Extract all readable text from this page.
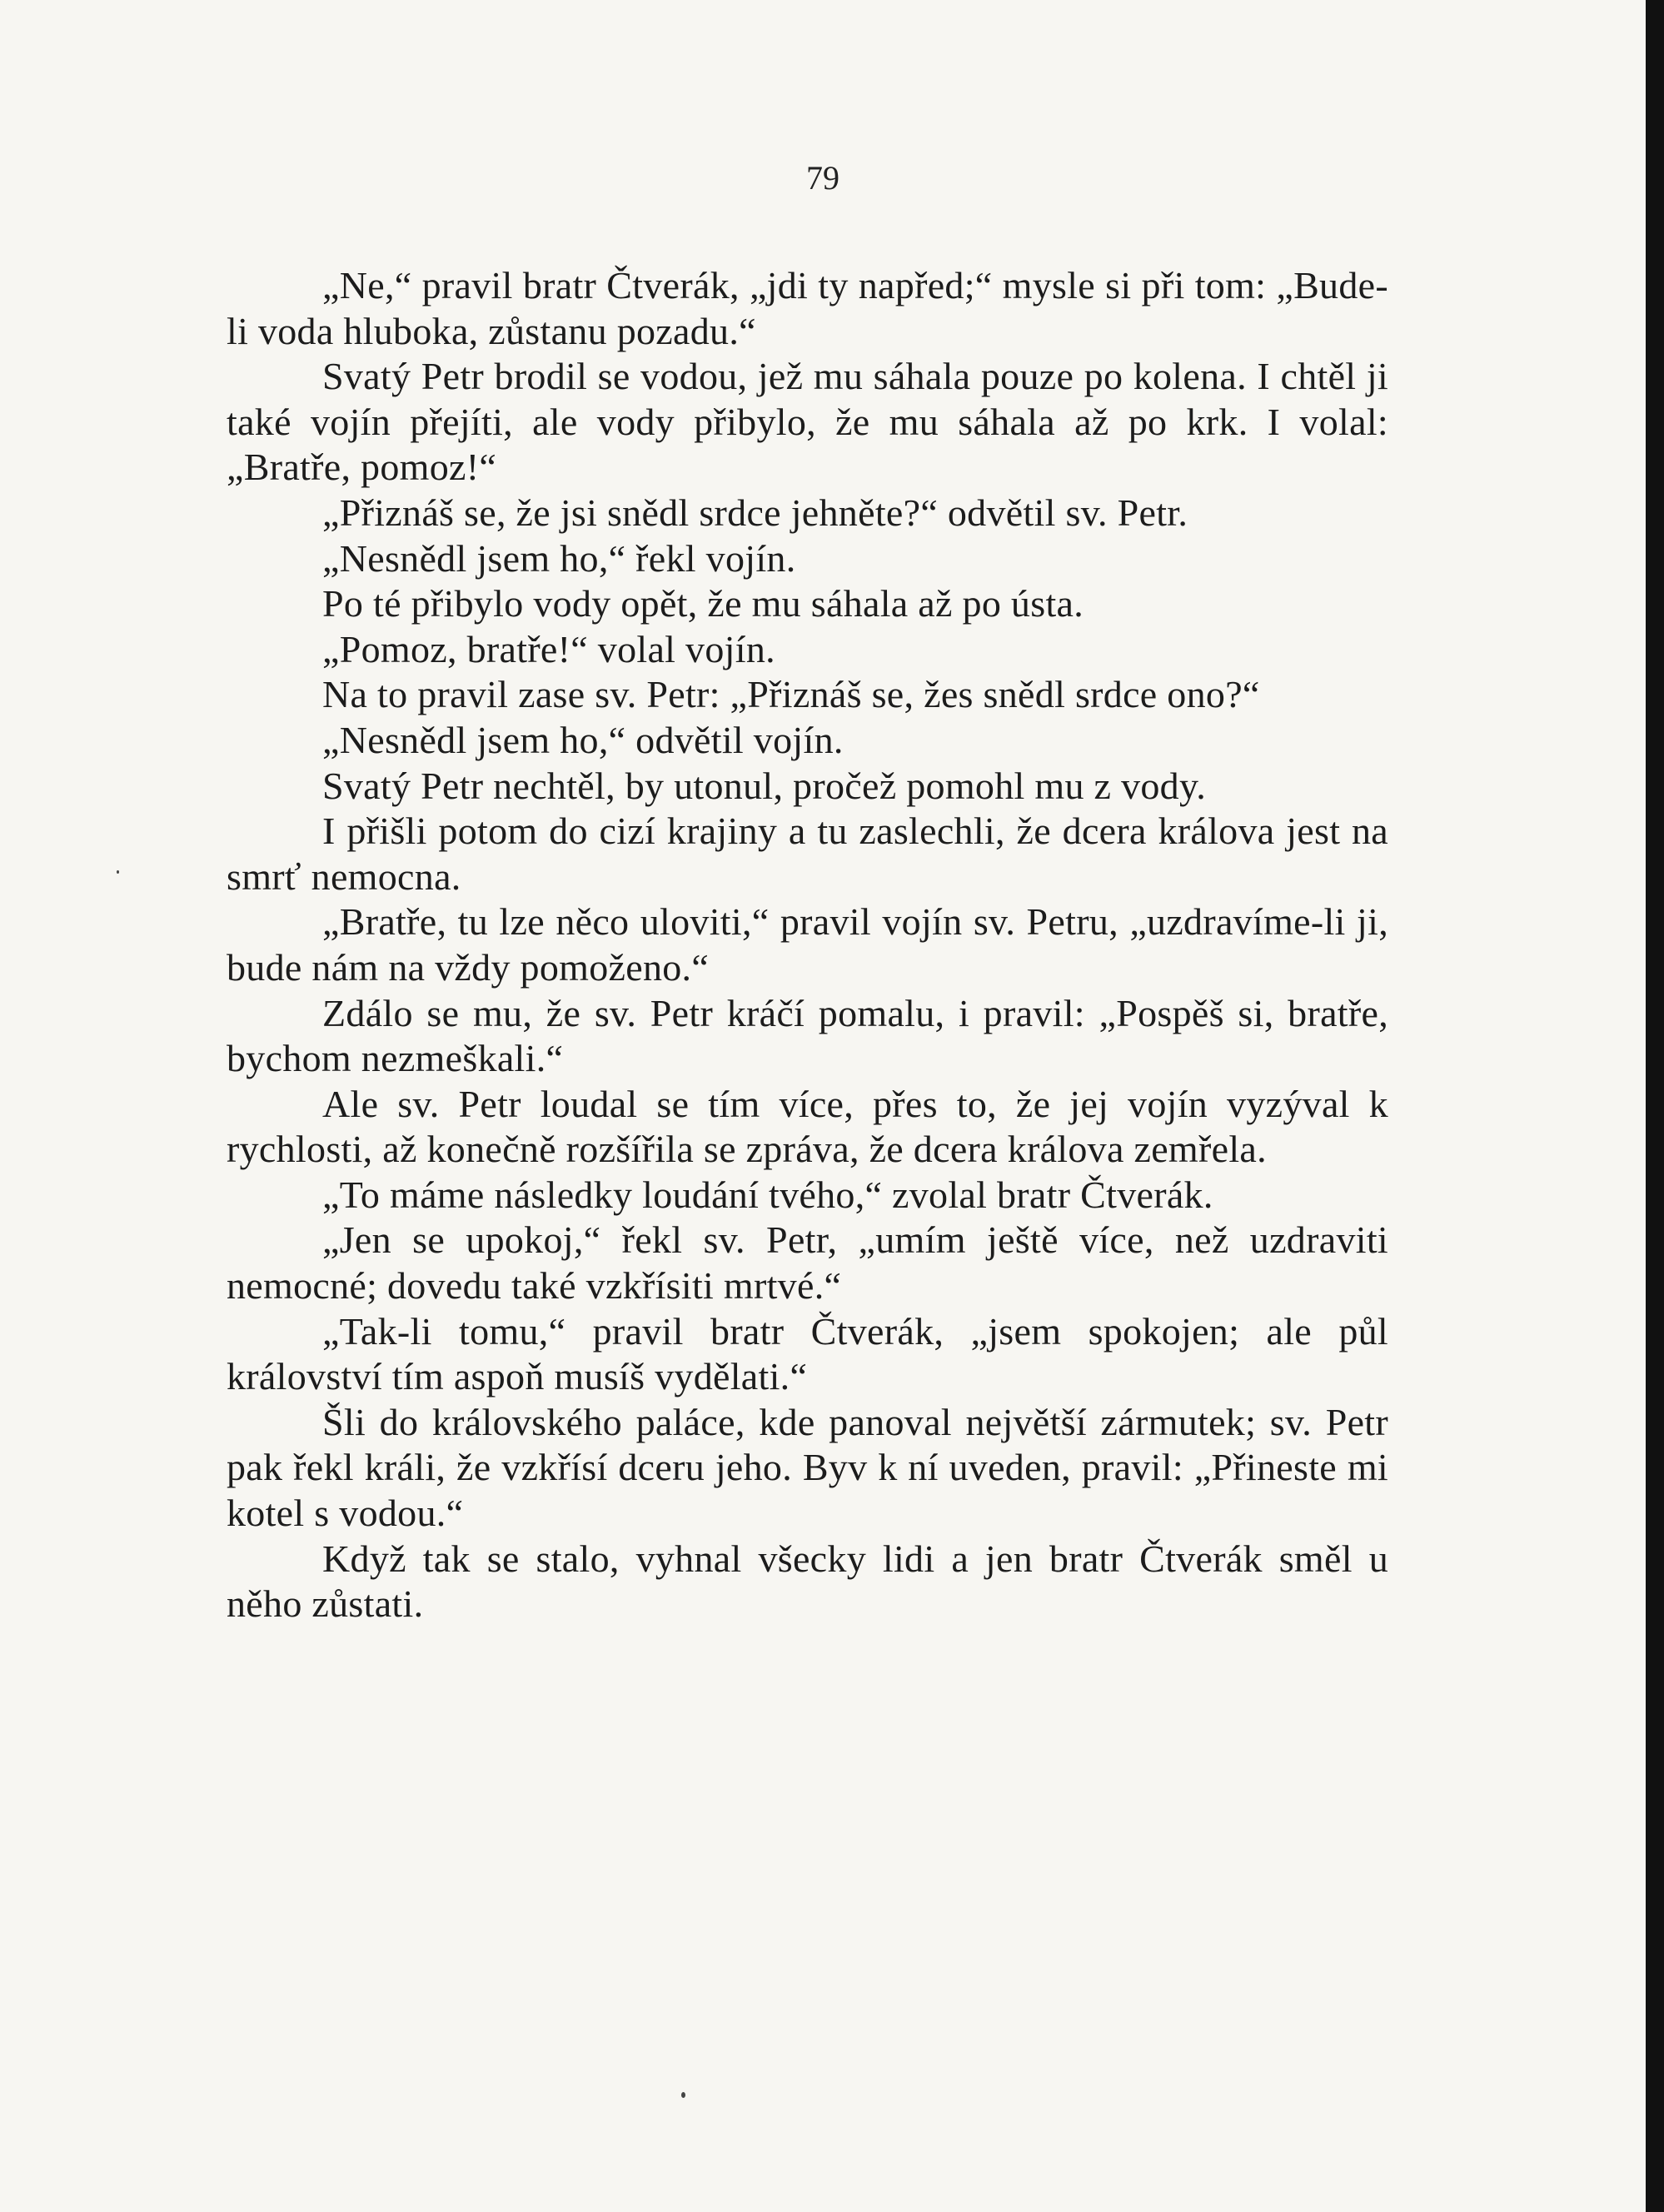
79

„Ne,“ pravil bratr Čtverák, „jdi ty napřed;“ mysle si při tom: „Bude-li voda hluboka, zůstanu pozadu.“

Svatý Petr brodil se vodou, jež mu sáhala pouze po kolena. I chtěl ji také vojín přejíti, ale vody přibylo, že mu sáhala až po krk. I volal: „Bratře, pomoz!“

„Přiznáš se, že jsi snědl srdce jehněte?“ odvětil sv. Petr.

„Nesnědl jsem ho,“ řekl vojín.

Po té přibylo vody opět, že mu sáhala až po ústa.

„Pomoz, bratře!“ volal vojín.

Na to pravil zase sv. Petr: „Přiznáš se, žes snědl srdce ono?“

„Nesnědl jsem ho,“ odvětil vojín.

Svatý Petr nechtěl, by utonul, pročež pomohl mu z vody.

I přišli potom do cizí krajiny a tu zaslechli, že dcera králova jest na smrť nemocna.

„Bratře, tu lze něco uloviti,“ pravil vojín sv. Petru, „uzdravíme-li ji, bude nám na vždy pomoženo.“

Zdálo se mu, že sv. Petr kráčí pomalu, i pravil: „Pospěš si, bratře, bychom nezmeškali.“

Ale sv. Petr loudal se tím více, přes to, že jej vojín vyzýval k rychlosti, až konečně rozšířila se zpráva, že dcera králova zemřela.

„To máme následky loudání tvého,“ zvolal bratr Čtverák.

„Jen se upokoj,“ řekl sv. Petr, „umím ještě více, než uzdraviti nemocné; dovedu také vzkřísiti mrtvé.“

„Tak-li tomu,“ pravil bratr Čtverák, „jsem spokojen; ale půl království tím aspoň musíš vydělati.“

Šli do královského paláce, kde panoval největší zármutek; sv. Petr pak řekl králi, že vzkřísí dceru jeho. Byv k ní uveden, pravil: „Přineste mi kotel s vodou.“

Když tak se stalo, vyhnal všecky lidi a jen bratr Čtverák směl u něho zůstati.
